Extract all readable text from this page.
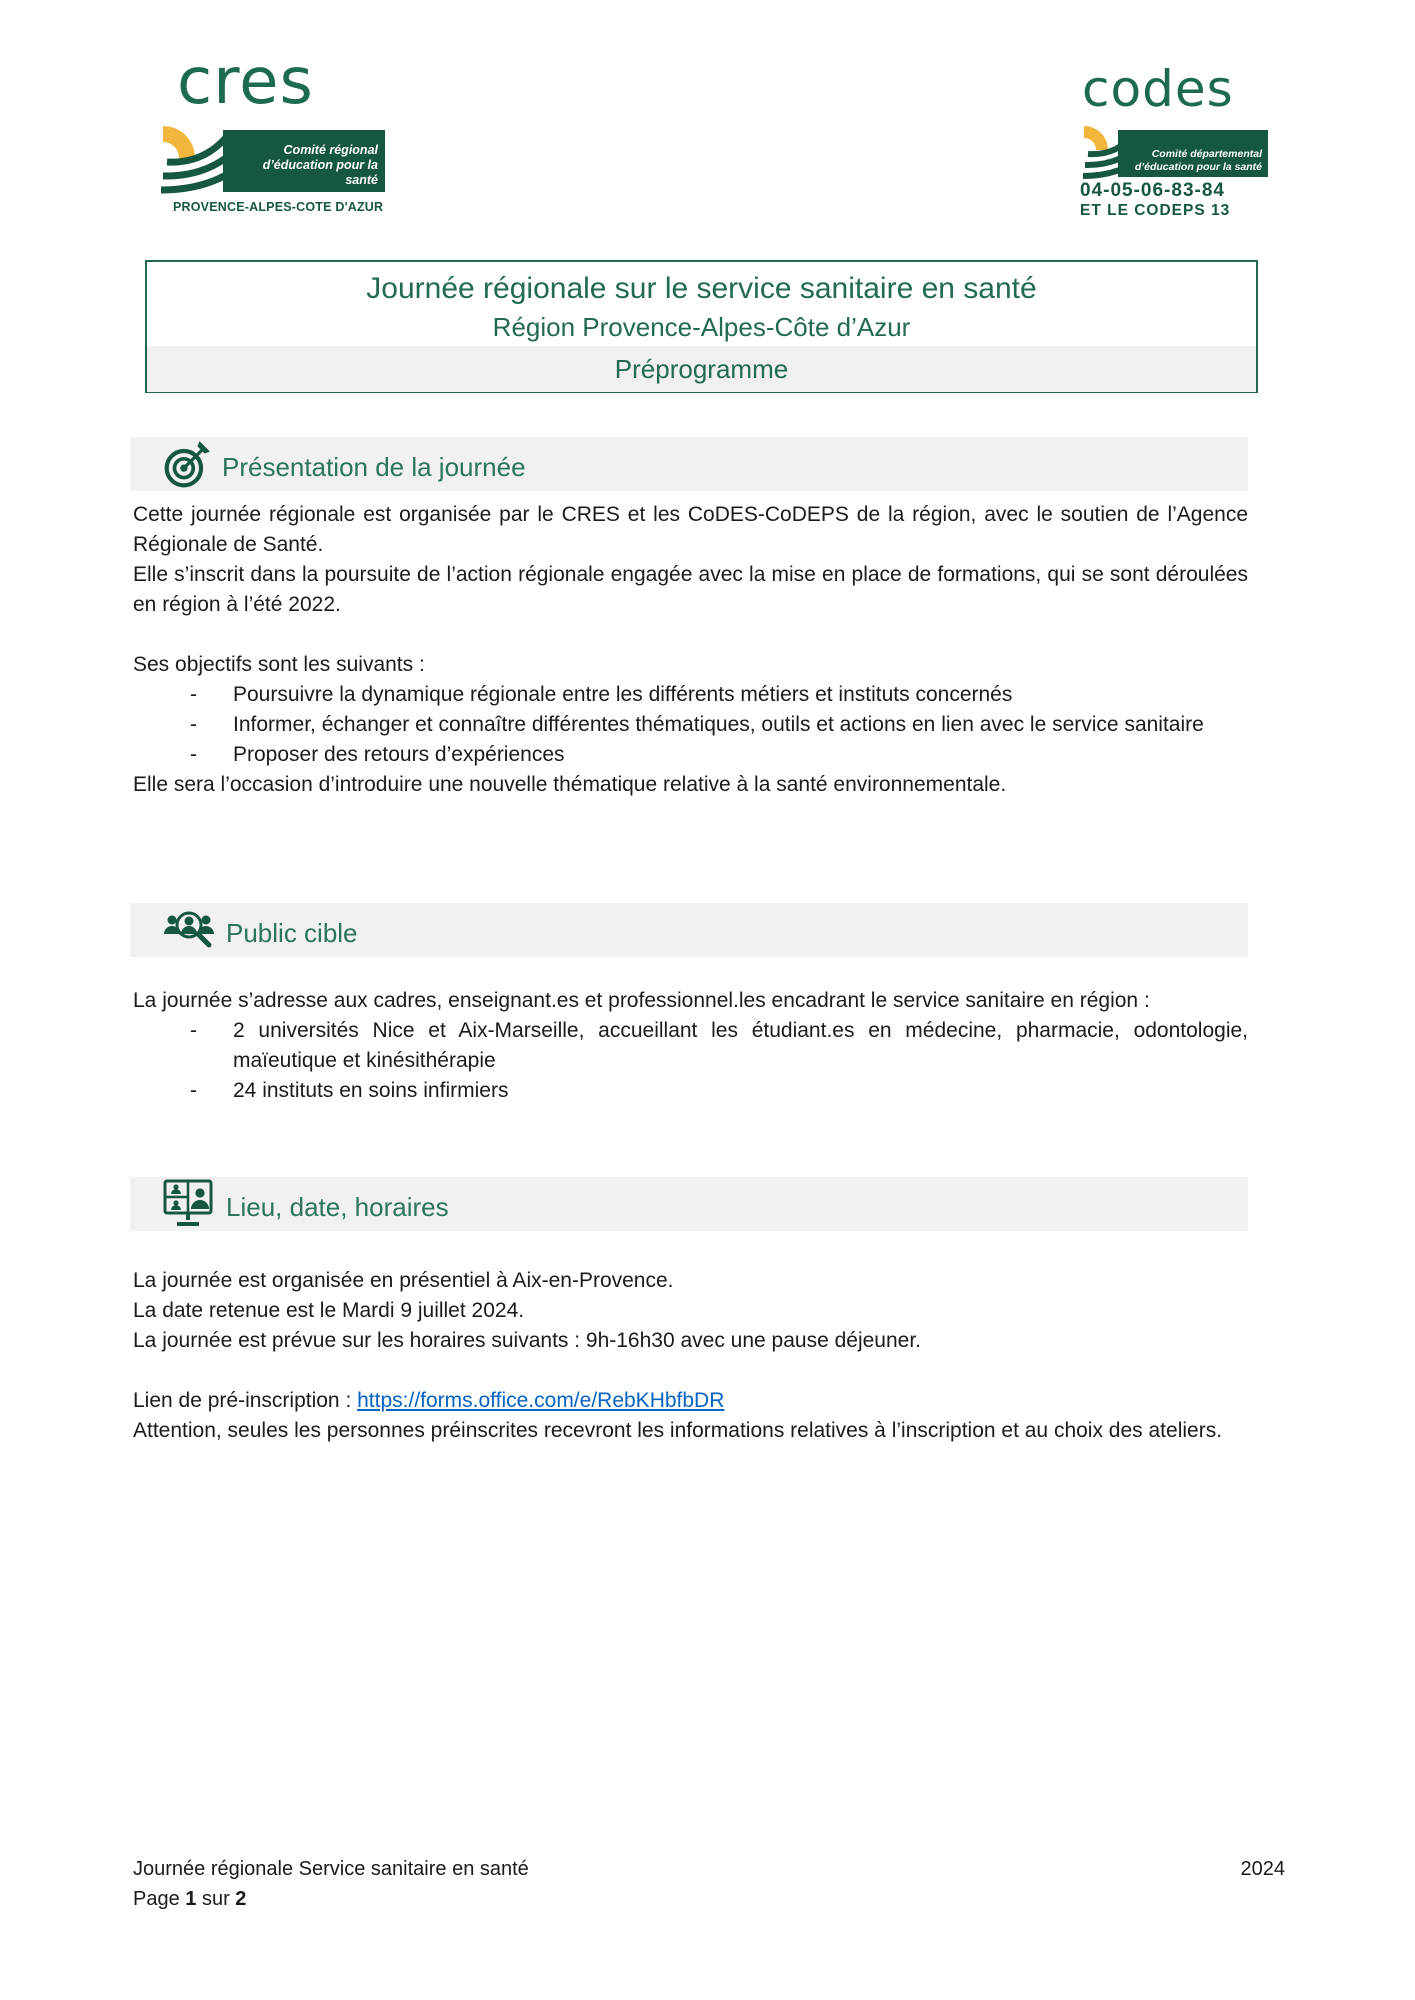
cres
Comité régional
d’éducation pour la santé
PROVENCE-ALPES-COTE D'AZUR
codes
Comité départemental
d’éducation pour la santé
04-05-06-83-84
ET LE CODEPS 13
Journée régionale sur le service sanitaire en santé
Région Provence-Alpes-Côte d’Azur
Préprogramme
Présentation de la journée
Cette journée régionale est organisée par le CRES et les CoDES-CoDEPS de la région, avec le soutien de l’Agence Régionale de Santé.
Elle s’inscrit dans la poursuite de l’action régionale engagée avec la mise en place de formations, qui se sont déroulées en région à l’été 2022.
Ses objectifs sont les suivants :
-	Poursuivre la dynamique régionale entre les différents métiers et instituts concernés
-	Informer, échanger et connaître différentes thématiques, outils et actions en lien avec le service sanitaire
-	Proposer des retours d’expériences
Elle sera l’occasion d’introduire une nouvelle thématique relative à la santé environnementale.
Public cible
La journée s’adresse aux cadres, enseignant.es et professionnel.les encadrant le service sanitaire en région :
-	2 universités Nice et Aix-Marseille, accueillant les étudiant.es en médecine, pharmacie, odontologie, maïeutique et kinésithérapie
-	24 instituts en soins infirmiers
Lieu, date, horaires
La journée est organisée en présentiel à Aix-en-Provence.
La date retenue est le Mardi 9 juillet 2024.
La journée est prévue sur les horaires suivants : 9h-16h30 avec une pause déjeuner.
Lien de pré-inscription : https://forms.office.com/e/RebKHbfbDR
Attention, seules les personnes préinscrites recevront les informations relatives à l’inscription et au choix des ateliers.
Journée régionale Service sanitaire en santé	2024
Page 1 sur 2
